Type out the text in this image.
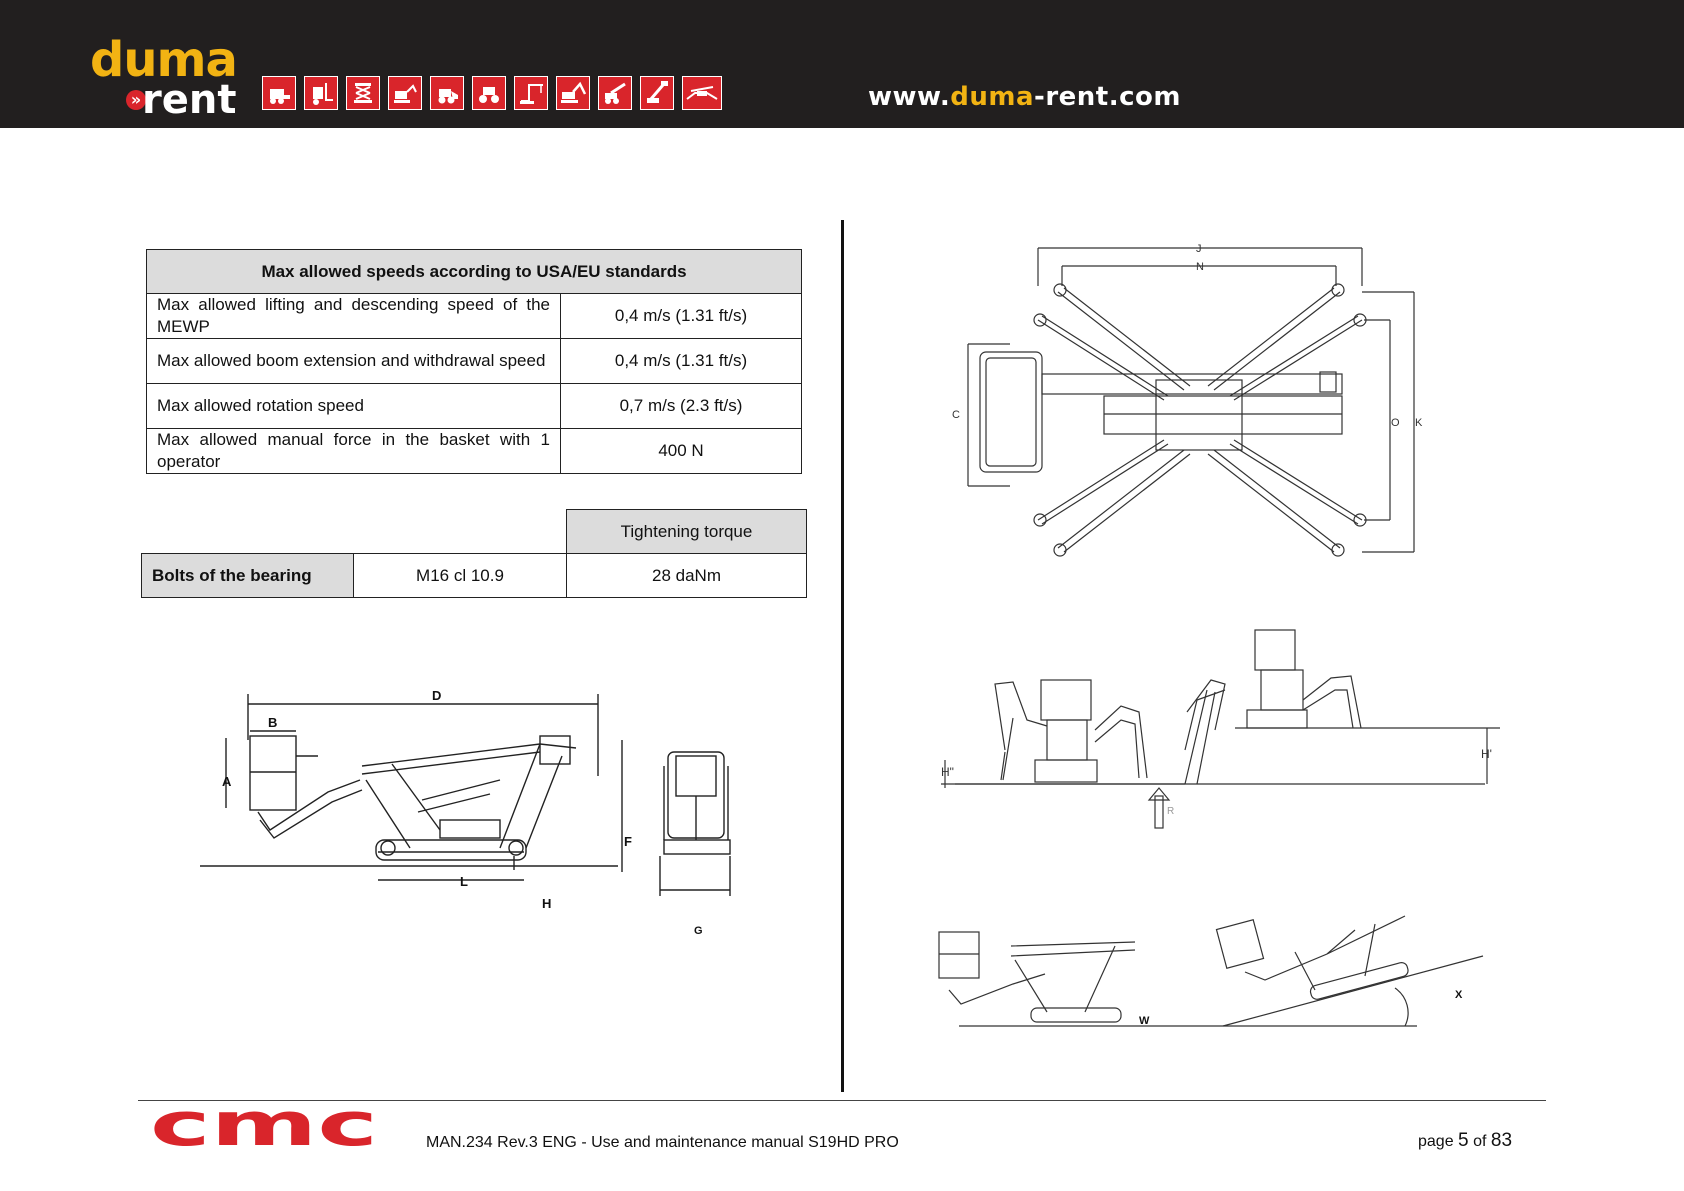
duma
» rent	www.duma-rent.com
Max allowed speeds according to USA/EU standards	
Max allowed lifting and descending speed of the MEWP	0,4 m/s (1.31 ft/s)
Max allowed boom extension and withdrawal speed	0,4 m/s (1.31 ft/s)
Max allowed rotation speed	0,7 m/s (2.3 ft/s)
Max allowed manual force in the basket with 1 operator	400 N
		Tightening torque
Bolts of the bearing	M16 cl 10.9	28 daNm
D
B
A
F
L
H
G
J
N
O K
C
H"
H'
R
W
X
cmc	MAN.234 Rev.3 ENG - Use and maintenance manual S19HD PRO	page 5 of 83
